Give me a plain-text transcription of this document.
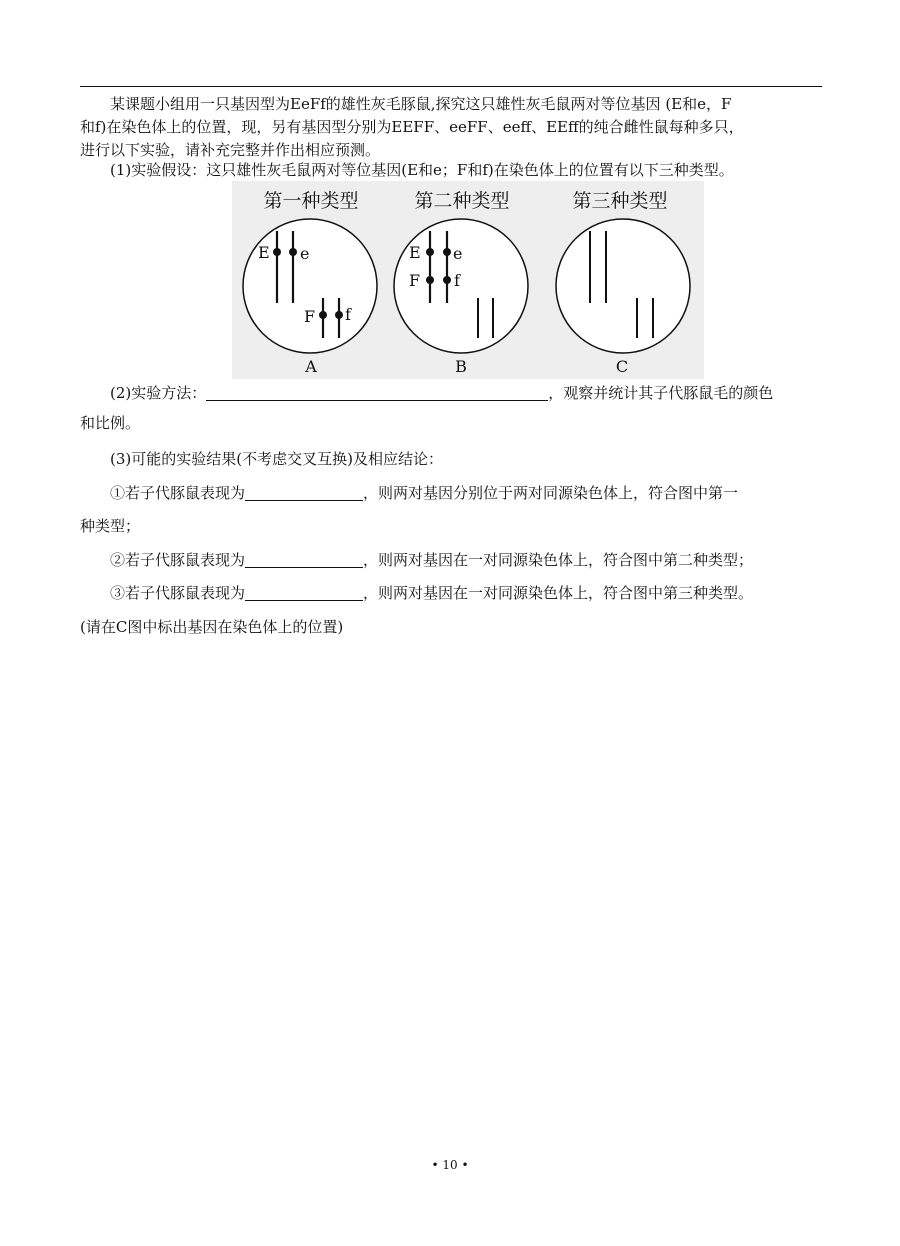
某课题小组用一只基因型为EeFf的雄性灰毛豚鼠,探究这只雄性灰毛鼠两对等位基因 (E和e，F

和f)在染色体上的位置，现，另有基因型分别为EEFF、eeFF、eeff、EEff的纯合雌性鼠每种多只，

进行以下实验，请补充完整并作出相应预测。

(1)实验假设：这只雄性灰毛鼠两对等位基因(E和e；F和f)在染色体上的位置有以下三种类型。

第一种类型
E e
F f
A
第二种类型
E e
F f
B
第三种类型
C

(2)实验方法：	，观察并统计其子代豚鼠毛的颜色

和比例。

(3)可能的实验结果(不考虑交叉互换)及相应结论：

①若子代豚鼠表现为	，则两对基因分别位于两对同源染色体上，符合图中第一

种类型；

②若子代豚鼠表现为	，则两对基因在一对同源染色体上，符合图中第二种类型；

③若子代豚鼠表现为	，则两对基因在一对同源染色体上，符合图中第三种类型。

(请在C图中标出基因在染色体上的位置)

• 10 •
